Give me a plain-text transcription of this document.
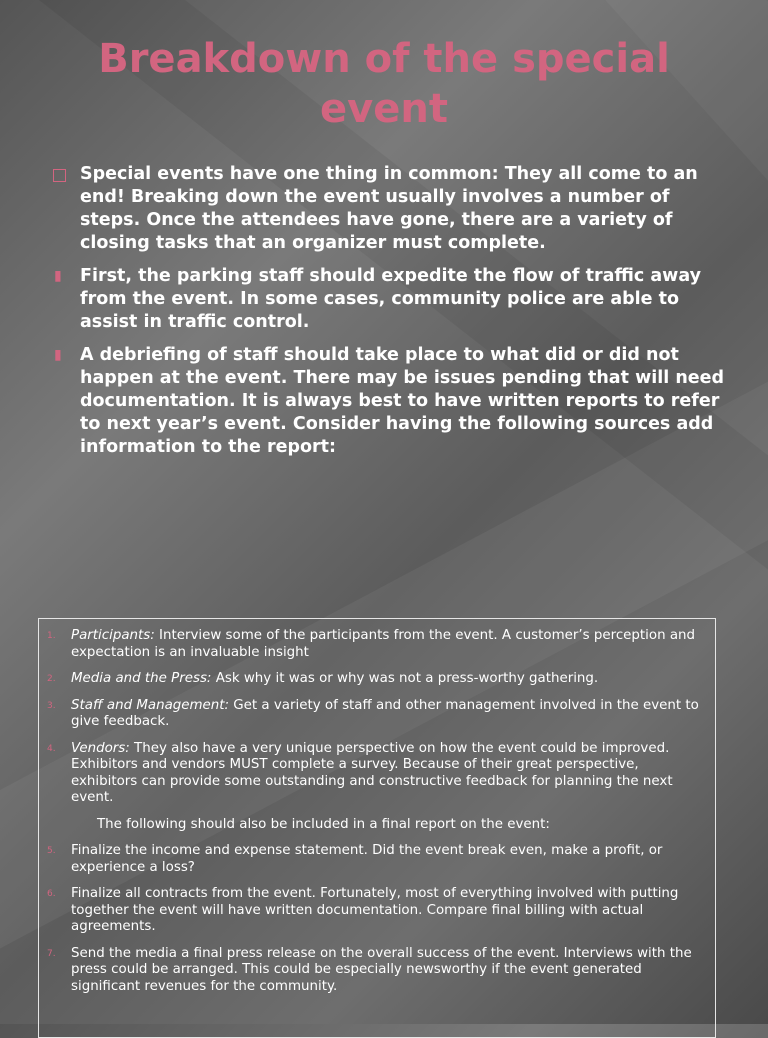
Breakdown of the special event
Special events have one thing in common: They all come to an end! Breaking down the event usually involves a number of steps. Once the attendees have gone, there are a variety of closing tasks that an organizer must complete.
▮ First, the parking staff should expedite the flow of traffic away from the event. In some cases, community police are able to assist in traffic control.
▮ A debriefing of staff should take place to what did or did not happen at the event. There may be issues pending that will need documentation. It is always best to have written reports to refer to next year’s event. Consider having the following sources add information to the report:
1. Participants: Interview some of the participants from the event. A customer’s perception and expectation is an invaluable insight
2. Media and the Press: Ask why it was or why was not a press-worthy gathering.
3. Staff and Management: Get a variety of staff and other management involved in the event to give feedback.
4. Vendors: They also have a very unique perspective on how the event could be improved. Exhibitors and vendors MUST complete a survey. Because of their great perspective, exhibitors can provide some outstanding and constructive feedback for planning the next event.
The following should also be included in a final report on the event:
5. Finalize the income and expense statement. Did the event break even, make a profit, or experience a loss?
6. Finalize all contracts from the event. Fortunately, most of everything involved with putting together the event will have written documentation. Compare final billing with actual agreements.
7. Send the media a final press release on the overall success of the event. Interviews with the press could be arranged. This could be especially newsworthy if the event generated significant revenues for the community.
